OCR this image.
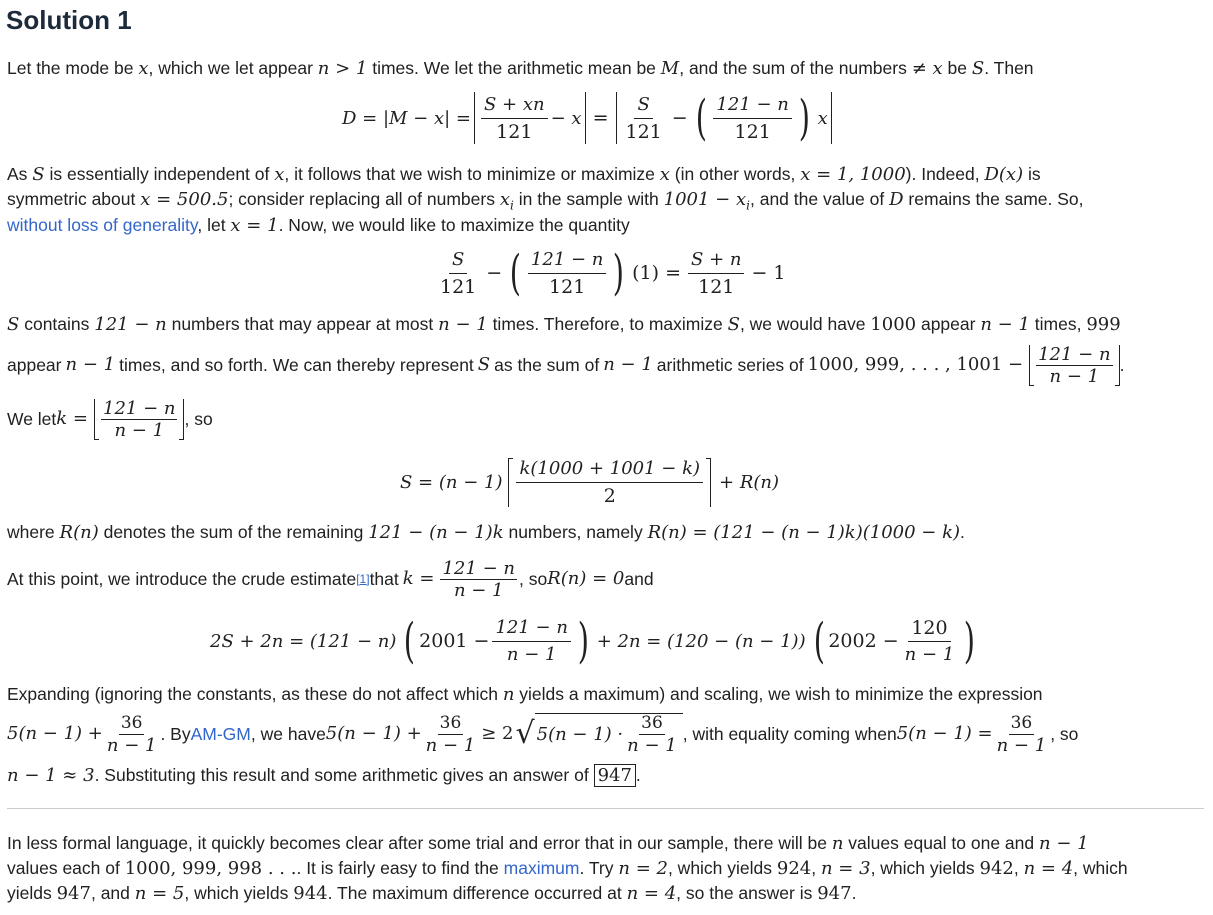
Solution 1
Let the mode be x, which we let appear n > 1 times. We let the arithmetic mean be M, and the sum of the numbers ≠ x be S. Then
$D = |M - x| = \frac{S + xn}{121} - x = \frac{S}{121}$ − ( $\frac{121 - n}{121}$ ) x
As S is essentially independent of x, it follows that we wish to minimize or maximize x (in other words, x = 1, 1000). Indeed, D(x) is
symmetric about x = 500.5; consider replacing all of numbers $x_i$ in the sample with $1001 - x_i$, and the value of D remains the same. So,
without loss of generality, let x = 1. Now, we would like to maximize the quantity
$\frac{S}{121}$ − ( $\frac{121 - n}{121}$ ) $(1) = \frac{S + n}{121} - 1$
S contains 121 − n numbers that may appear at most n − 1 times. Therefore, to maximize S, we would have 1000 appear n − 1 times, 999
appear n − 1 times, and so forth. We can thereby represent S as the sum of n − 1 arithmetic series of 1000, 999, . . . , $1001 - \frac{121 - n}{n - 1}$ .
We let $k = \frac{121 - n}{n - 1}$ , so
$S = (n - 1) \frac{k(1000 + 1001 - k)}{2} + R(n)$
where R(n) denotes the sum of the remaining 121 − (n − 1)k numbers, namely R(n) = (121 − (n − 1)k)(1000 − k).
At this point, we introduce the crude estimate [1] that $k = \frac{121 - n}{n - 1}$ , so R(n) = 0 and
2S + 2n = (121 − n) ( $2001 - \frac{121 - n}{n - 1}$ ) + 2n = (120 − (n − 1)) ( $2002 - \frac{120}{n - 1}$ )
Expanding (ignoring the constants, as these do not affect which n yields a maximum) and scaling, we wish to minimize the expression
$5(n - 1) + \frac{36}{n - 1}$ . By AM-GM , we have $5(n - 1) + \frac{36}{n - 1} \ge 2$ √ $5(n - 1) \cdot \frac{36}{n - 1}$ , with equality coming when $5(n - 1) = \frac{36}{n - 1}$ , so
n − 1 ≈ 3. Substituting this result and some arithmetic gives an answer of 947 .
In less formal language, it quickly becomes clear after some trial and error that in our sample, there will be n values equal to one and n − 1
values each of 1000, 999, 998 . . .. It is fairly easy to find the maximum. Try n = 2, which yields 924, n = 3, which yields 942, n = 4, which
yields 947, and n = 5, which yields 944. The maximum difference occurred at n = 4, so the answer is 947.
